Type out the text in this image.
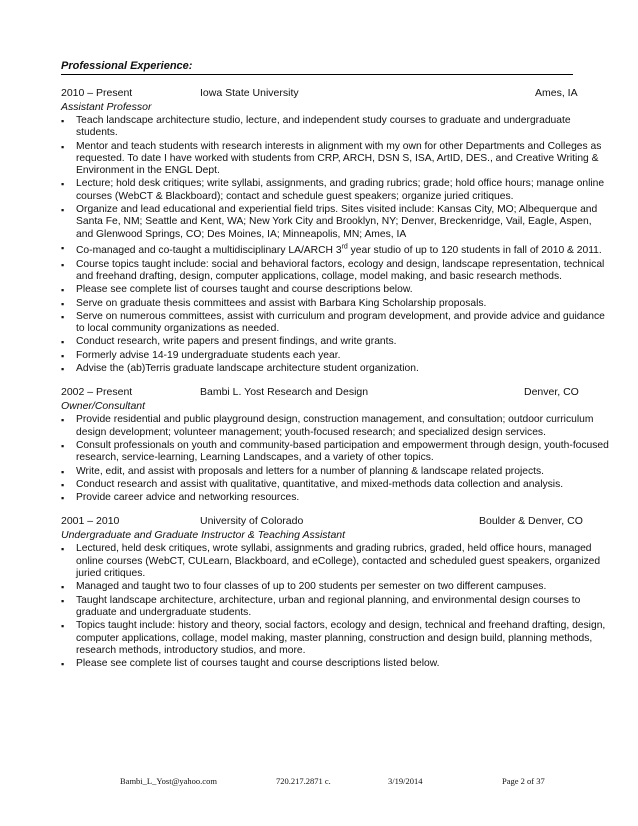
Professional Experience:
2010 – Present	Iowa State University	Ames, IA
Assistant Professor
▪ Teach landscape architecture studio, lecture, and independent study courses to graduate and undergraduate students.
▪ Mentor and teach students with research interests in alignment with my own for other Departments and Colleges as requested. To date I have worked with students from CRP, ARCH, DSN S, ISA, ArtID, DES., and Creative Writing & Environment in the ENGL Dept.
▪ Lecture; hold desk critiques; write syllabi, assignments, and grading rubrics; grade; hold office hours; manage online courses (WebCT & Blackboard); contact and schedule guest speakers; organize juried critiques.
▪ Organize and lead educational and experiential field trips. Sites visited include: Kansas City, MO; Albequerque and Santa Fe, NM; Seattle and Kent, WA; New York City and Brooklyn, NY; Denver, Breckenridge, Vail, Eagle, Aspen, and Glenwood Springs, CO; Des Moines, IA; Minneapolis, MN; Ames, IA
▪ Co-managed and co-taught a multidisciplinary LA/ARCH 3rd year studio of up to 120 students in fall of 2010 & 2011.
▪ Course topics taught include: social and behavioral factors, ecology and design, landscape representation, technical and freehand drafting, design, computer applications, collage, model making, and basic research methods.
▪ Please see complete list of courses taught and course descriptions below.
▪ Serve on graduate thesis committees and assist with Barbara King Scholarship proposals.
▪ Serve on numerous committees, assist with curriculum and program development, and provide advice and guidance to local community organizations as needed.
▪ Conduct research, write papers and present findings, and write grants.
▪ Formerly advise 14-19 undergraduate students each year.
▪ Advise the (ab)Terris graduate landscape architecture student organization.
2002 – Present	Bambi L. Yost Research and Design	Denver, CO
Owner/Consultant
▪ Provide residential and public playground design, construction management, and consultation; outdoor curriculum design development; volunteer management; youth-focused research; and specialized design services.
▪ Consult professionals on youth and community-based participation and empowerment through design, youth-focused research, service-learning, Learning Landscapes, and a variety of other topics.
▪ Write, edit, and assist with proposals and letters for a number of planning & landscape related projects.
▪ Conduct research and assist with qualitative, quantitative, and mixed-methods data collection and analysis.
▪ Provide career advice and networking resources.
2001 – 2010	University of Colorado	Boulder & Denver, CO
Undergraduate and Graduate Instructor & Teaching Assistant
▪ Lectured, held desk critiques, wrote syllabi, assignments and grading rubrics, graded, held office hours, managed online courses (WebCT, CULearn, Blackboard, and eCollege), contacted and scheduled guest speakers, organized juried critiques.
▪ Managed and taught two to four classes of up to 200 students per semester on two different campuses.
▪ Taught landscape architecture, architecture, urban and regional planning, and environmental design courses to graduate and undergraduate students.
▪ Topics taught include: history and theory, social factors, ecology and design, technical and freehand drafting, design, computer applications, collage, model making, master planning, construction and design build, planning methods, research methods, introductory studios, and more.
▪ Please see complete list of courses taught and course descriptions listed below.
Bambi_L_Yost@yahoo.com	720.217.2871 c.	3/19/2014	Page 2 of 37
